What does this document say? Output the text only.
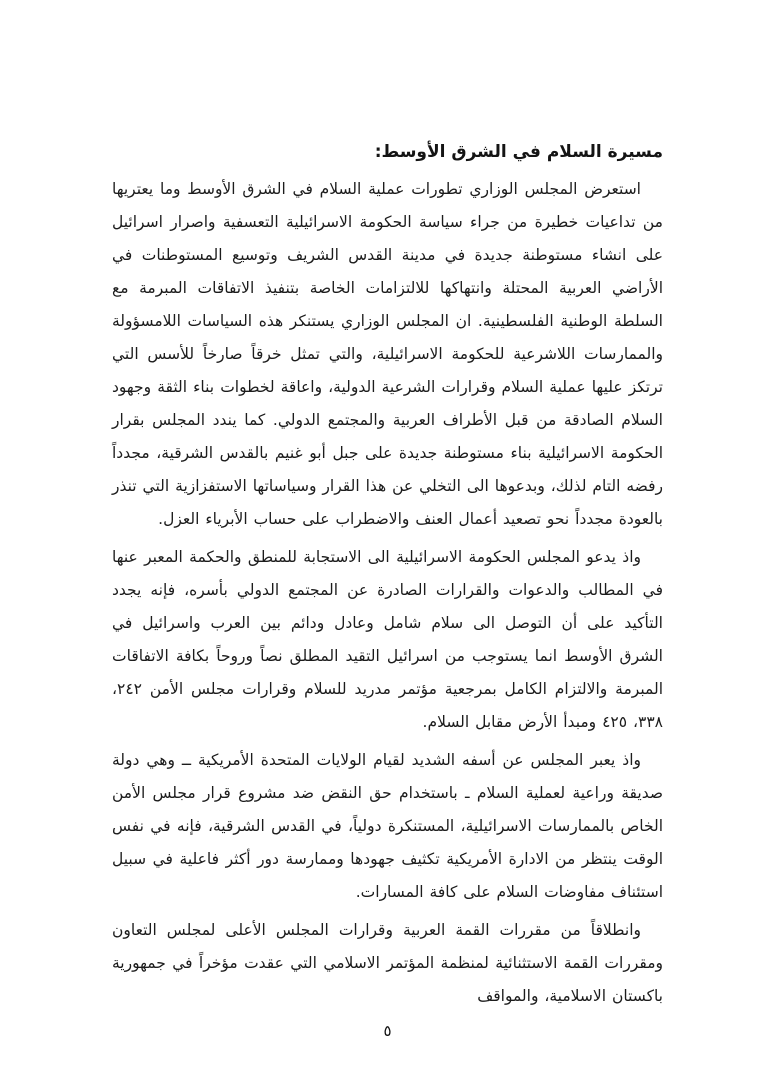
مسيرة السلام في الشرق الأوسط:

استعرض المجلس الوزاري تطورات عملية السلام في الشرق الأوسط وما يعتريها من تداعيات خطيرة من جراء سياسة الحكومة الاسرائيلية التعسفية واصرار اسرائيل على انشاء مستوطنة جديدة في مدينة القدس الشريف وتوسيع المستوطنات في الأراضي العربية المحتلة وانتهاكها للالتزامات الخاصة بتنفيذ الاتفاقات المبرمة مع السلطة الوطنية الفلسطينية. ان المجلس الوزاري يستنكر هذه السياسات اللامسؤولة والممارسات اللاشرعية للحكومة الاسرائيلية، والتي تمثل خرقاً صارخاً للأسس التي ترتكز عليها عملية السلام وقرارات الشرعية الدولية، واعاقة لخطوات بناء الثقة وجهود السلام الصادقة من قبل الأطراف العربية والمجتمع الدولي. كما يندد المجلس بقرار الحكومة الاسرائيلية بناء مستوطنة جديدة على جبل أبو غنيم بالقدس الشرقية، مجدداً رفضه التام لذلك، وبدعوها الى التخلي عن هذا القرار وسياساتها الاستفزازية التي تنذر بالعودة مجدداً نحو تصعيد أعمال العنف والاضطراب على حساب الأبرياء العزل.

واذ يدعو المجلس الحكومة الاسرائيلية الى الاستجابة للمنطق والحكمة المعبر عنها في المطالب والدعوات والقرارات الصادرة عن المجتمع الدولي بأسره، فإنه يجدد التأكيد على أن التوصل الى سلام شامل وعادل ودائم بين العرب واسرائيل في الشرق الأوسط انما يستوجب من اسرائيل التقيد المطلق نصاً وروحاً بكافة الاتفاقات المبرمة والالتزام الكامل بمرجعية مؤتمر مدريد للسلام وقرارات مجلس الأمن ٢٤٢، ٣٣٨، ٤٢٥ ومبدأ الأرض مقابل السلام.

واذ يعبر المجلس عن أسفه الشديد لقيام الولايات المتحدة الأمريكية ــ وهي دولة صديقة وراعية لعملية السلام ـ باستخدام حق النقض ضد مشروع قرار مجلس الأمن الخاص بالممارسات الاسرائيلية، المستنكرة دولياً، في القدس الشرقية، فإنه في نفس الوقت ينتظر من الادارة الأمريكية تكثيف جهودها وممارسة دور أكثر فاعلية في سبيل استئناف مفاوضات السلام على كافة المسارات.

وانطلاقاً من مقررات القمة العربية وقرارات المجلس الأعلى لمجلس التعاون ومقررات القمة الاستثنائية لمنظمة المؤتمر الاسلامي التي عقدت مؤخراً في جمهورية باكستان الاسلامية، والمواقف

٥
